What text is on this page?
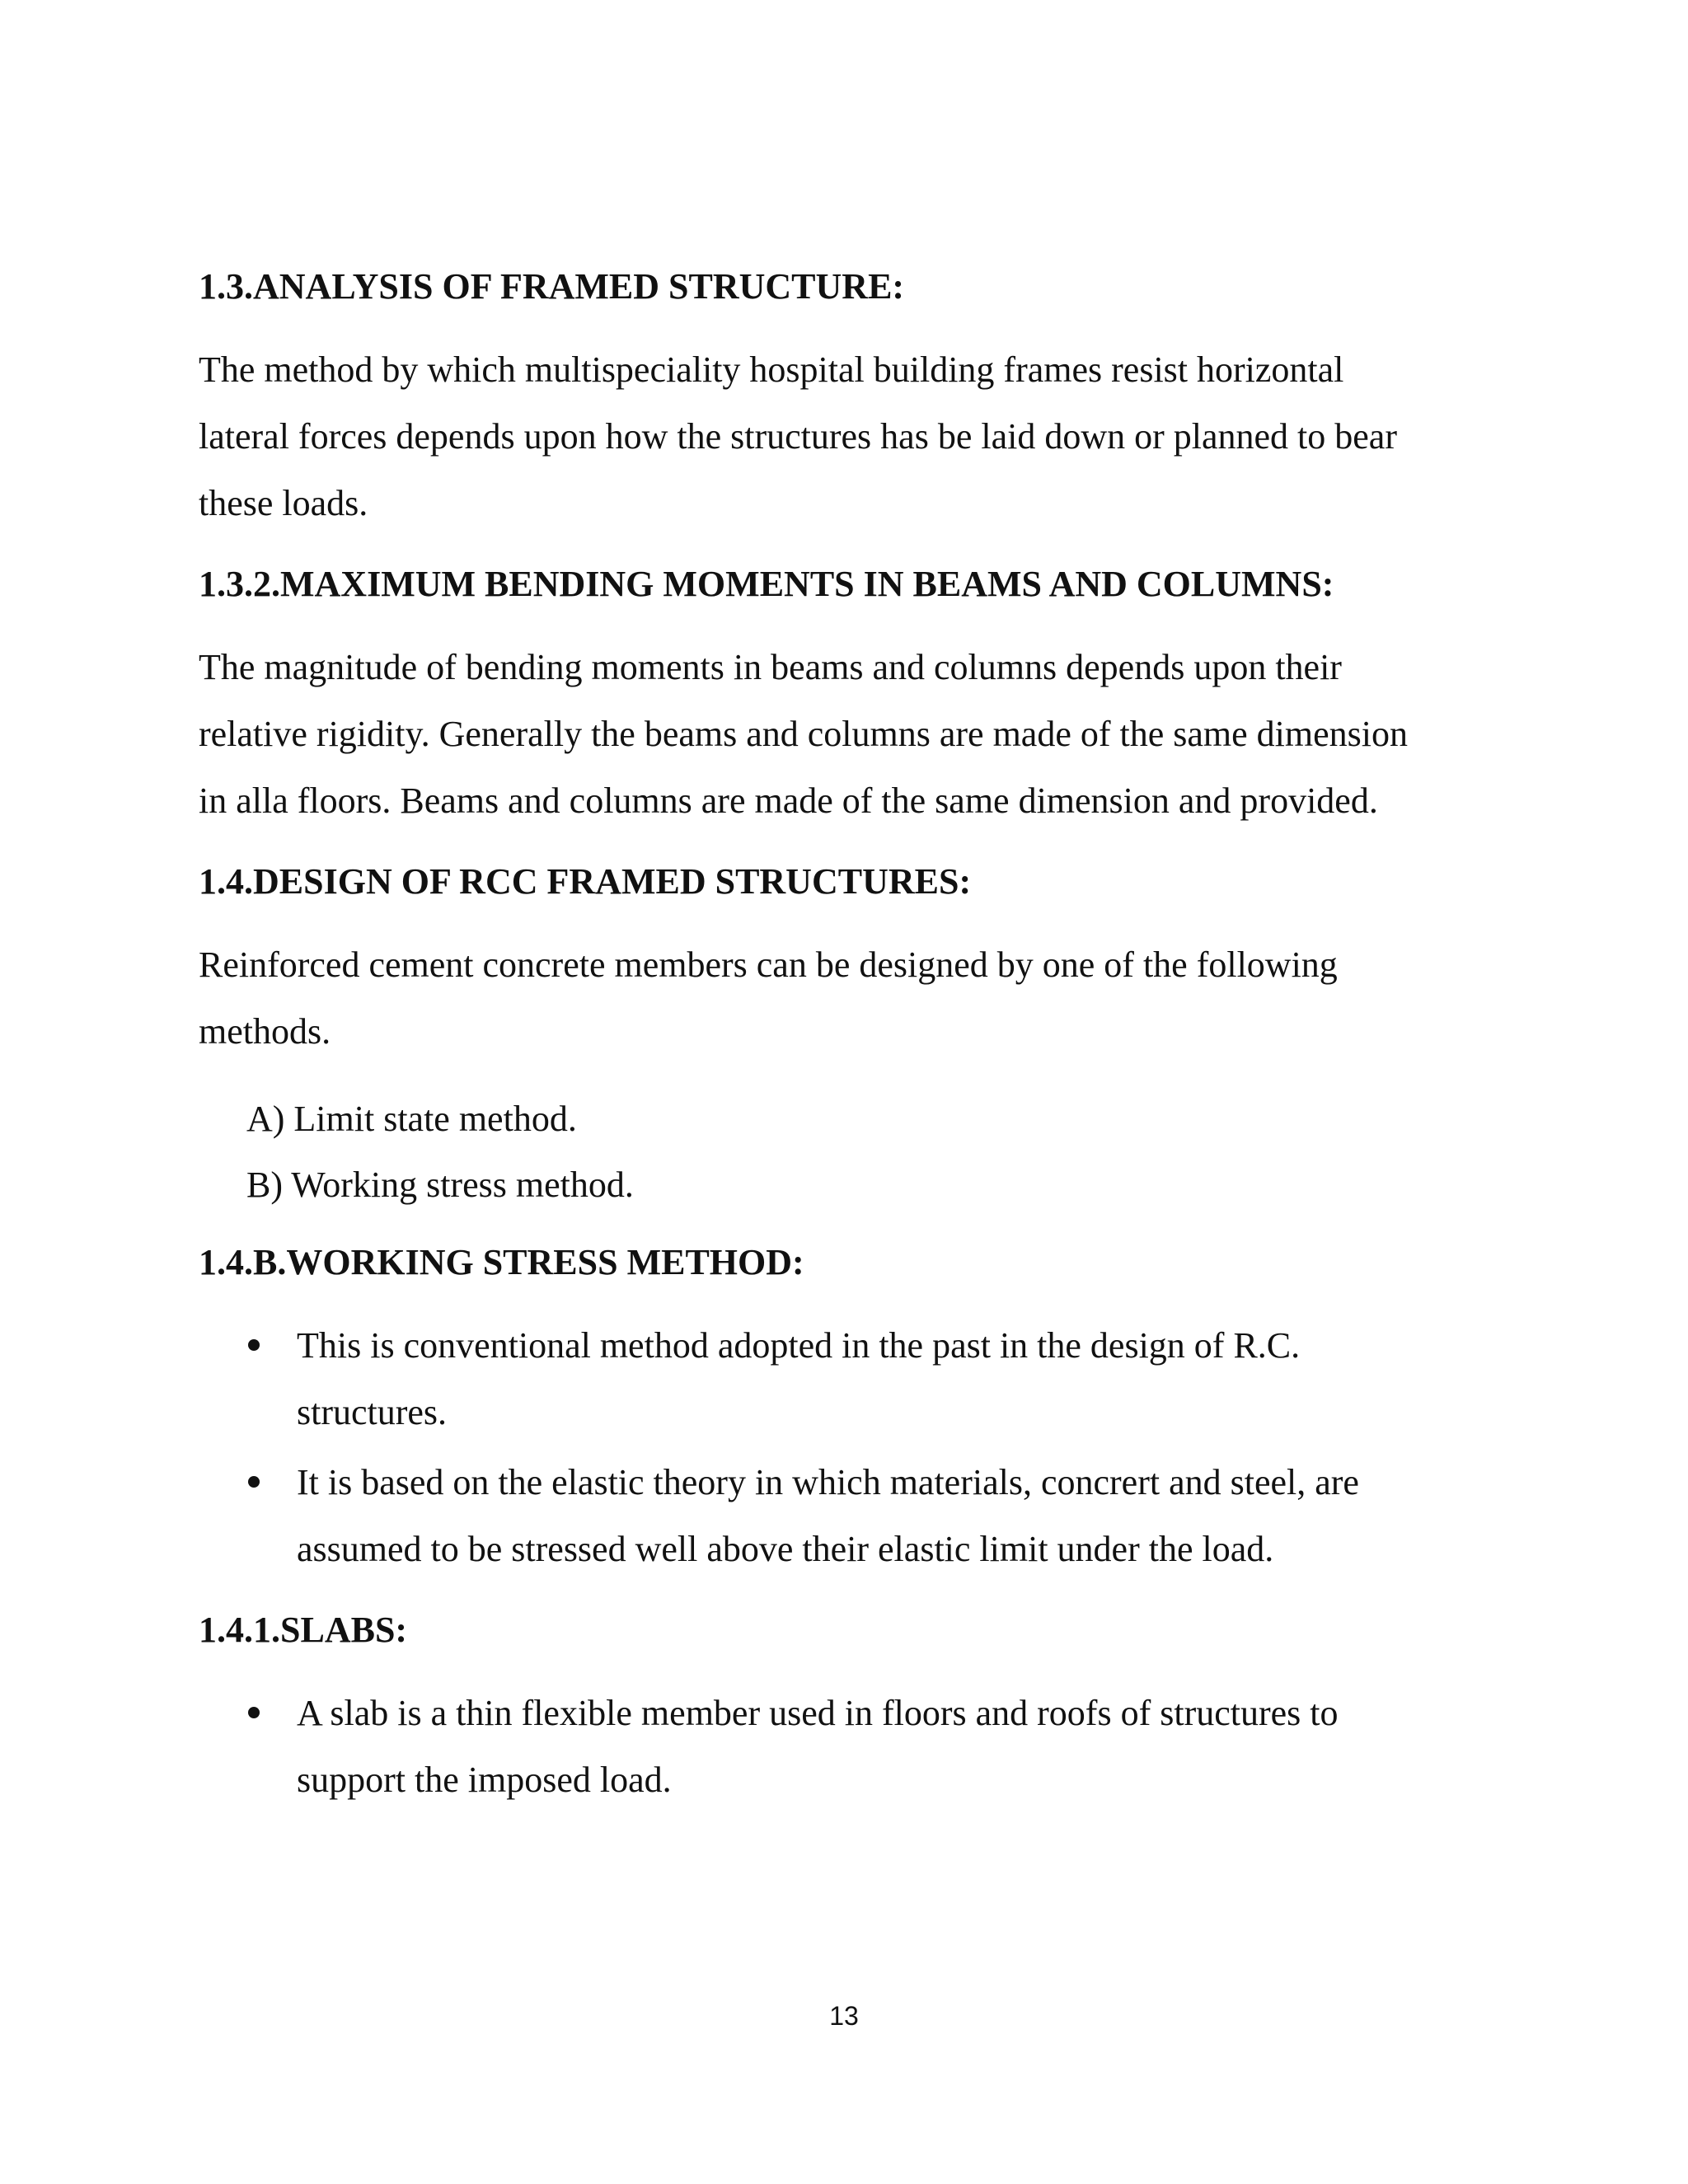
1.3.ANALYSIS OF FRAMED STRUCTURE:

The method by which multispeciality hospital building frames resist horizontal
lateral forces depends upon how the structures has be laid down or planned to bear
these loads.

1.3.2.MAXIMUM BENDING MOMENTS IN BEAMS AND COLUMNS:

The magnitude of bending moments in beams and columns depends upon their
relative rigidity. Generally the beams and columns are made of the same dimension
in alla floors. Beams and columns are made of the same dimension and provided.

1.4.DESIGN OF RCC FRAMED STRUCTURES:

Reinforced cement concrete members can be designed by one of the following
methods.

A) Limit state method.
B) Working stress method.
1.4.B.WORKING STRESS METHOD:
This is conventional method adopted in the past in the design of R.C.
structures.
It is based on the elastic theory in which materials, concrert and steel, are
assumed to be stressed well above their elastic limit under the load.
1.4.1.SLABS:
A slab is a thin flexible member used in floors and roofs of structures to
support the imposed load.
13
